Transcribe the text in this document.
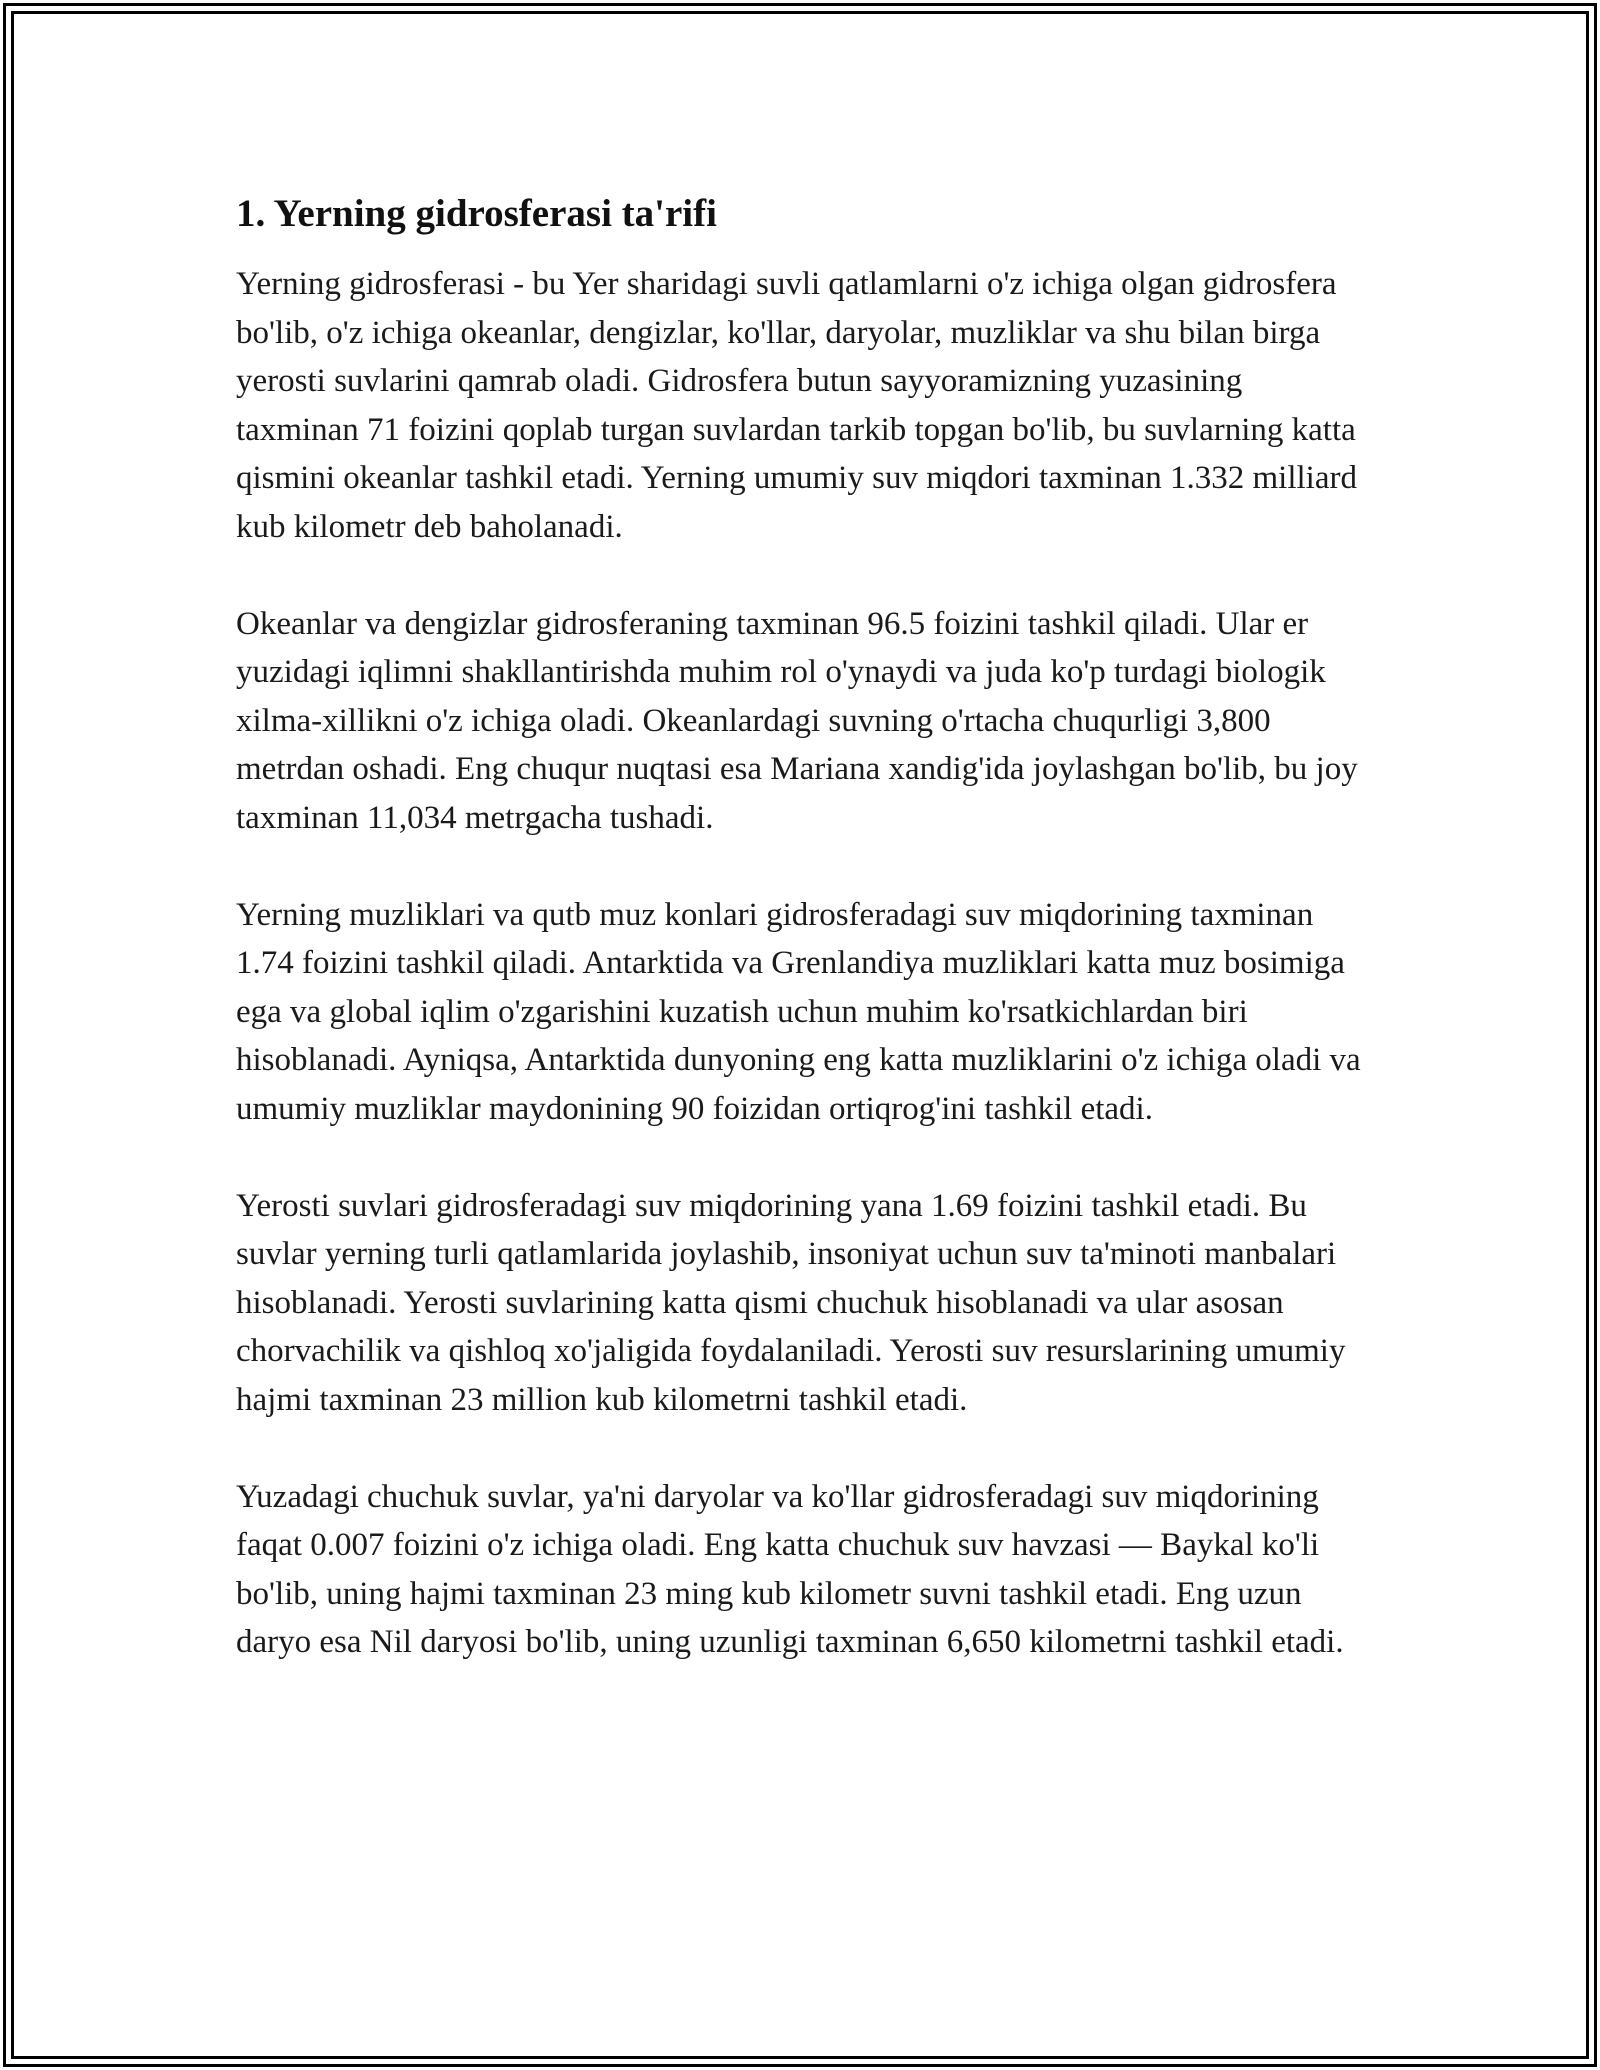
1. Yerning gidrosferasi ta'rifi

Yerning gidrosferasi - bu Yer sharidagi suvli qatlamlarni o'z ichiga olgan gidrosfera bo'lib, o'z ichiga okeanlar, dengizlar, ko'llar, daryolar, muzliklar va shu bilan birga yerosti suvlarini qamrab oladi. Gidrosfera butun sayyoramizning yuzasining taxminan 71 foizini qoplab turgan suvlardan tarkib topgan bo'lib, bu suvlarning katta qismini okeanlar tashkil etadi. Yerning umumiy suv miqdori taxminan 1.332 milliard kub kilometr deb baholanadi.

Okeanlar va dengizlar gidrosferaning taxminan 96.5 foizini tashkil qiladi. Ular er yuzidagi iqlimni shakllantirishda muhim rol o'ynaydi va juda ko'p turdagi biologik xilma-xillikni o'z ichiga oladi. Okeanlardagi suvning o'rtacha chuqurligi 3,800 metrdan oshadi. Eng chuqur nuqtasi esa Mariana xandig'ida joylashgan bo'lib, bu joy taxminan 11,034 metrgacha tushadi.

Yerning muzliklari va qutb muz konlari gidrosferadagi suv miqdorining taxminan 1.74 foizini tashkil qiladi. Antarktida va Grenlandiya muzliklari katta muz bosimiga ega va global iqlim o'zgarishini kuzatish uchun muhim ko'rsatkichlardan biri hisoblanadi. Ayniqsa, Antarktida dunyoning eng katta muzliklarini o'z ichiga oladi va umumiy muzliklar maydonining 90 foizidan ortiqrog'ini tashkil etadi.

Yerosti suvlari gidrosferadagi suv miqdorining yana 1.69 foizini tashkil etadi. Bu suvlar yerning turli qatlamlarida joylashib, insoniyat uchun suv ta'minoti manbalari hisoblanadi. Yerosti suvlarining katta qismi chuchuk hisoblanadi va ular asosan chorvachilik va qishloq xo'jaligida foydalaniladi. Yerosti suv resurslarining umumiy hajmi taxminan 23 million kub kilometrni tashkil etadi.

Yuzadagi chuchuk suvlar, ya'ni daryolar va ko'llar gidrosferadagi suv miqdorining faqat 0.007 foizini o'z ichiga oladi. Eng katta chuchuk suv havzasi — Baykal ko'li bo'lib, uning hajmi taxminan 23 ming kub kilometr suvni tashkil etadi. Eng uzun daryo esa Nil daryosi bo'lib, uning uzunligi taxminan 6,650 kilometrni tashkil etadi.
